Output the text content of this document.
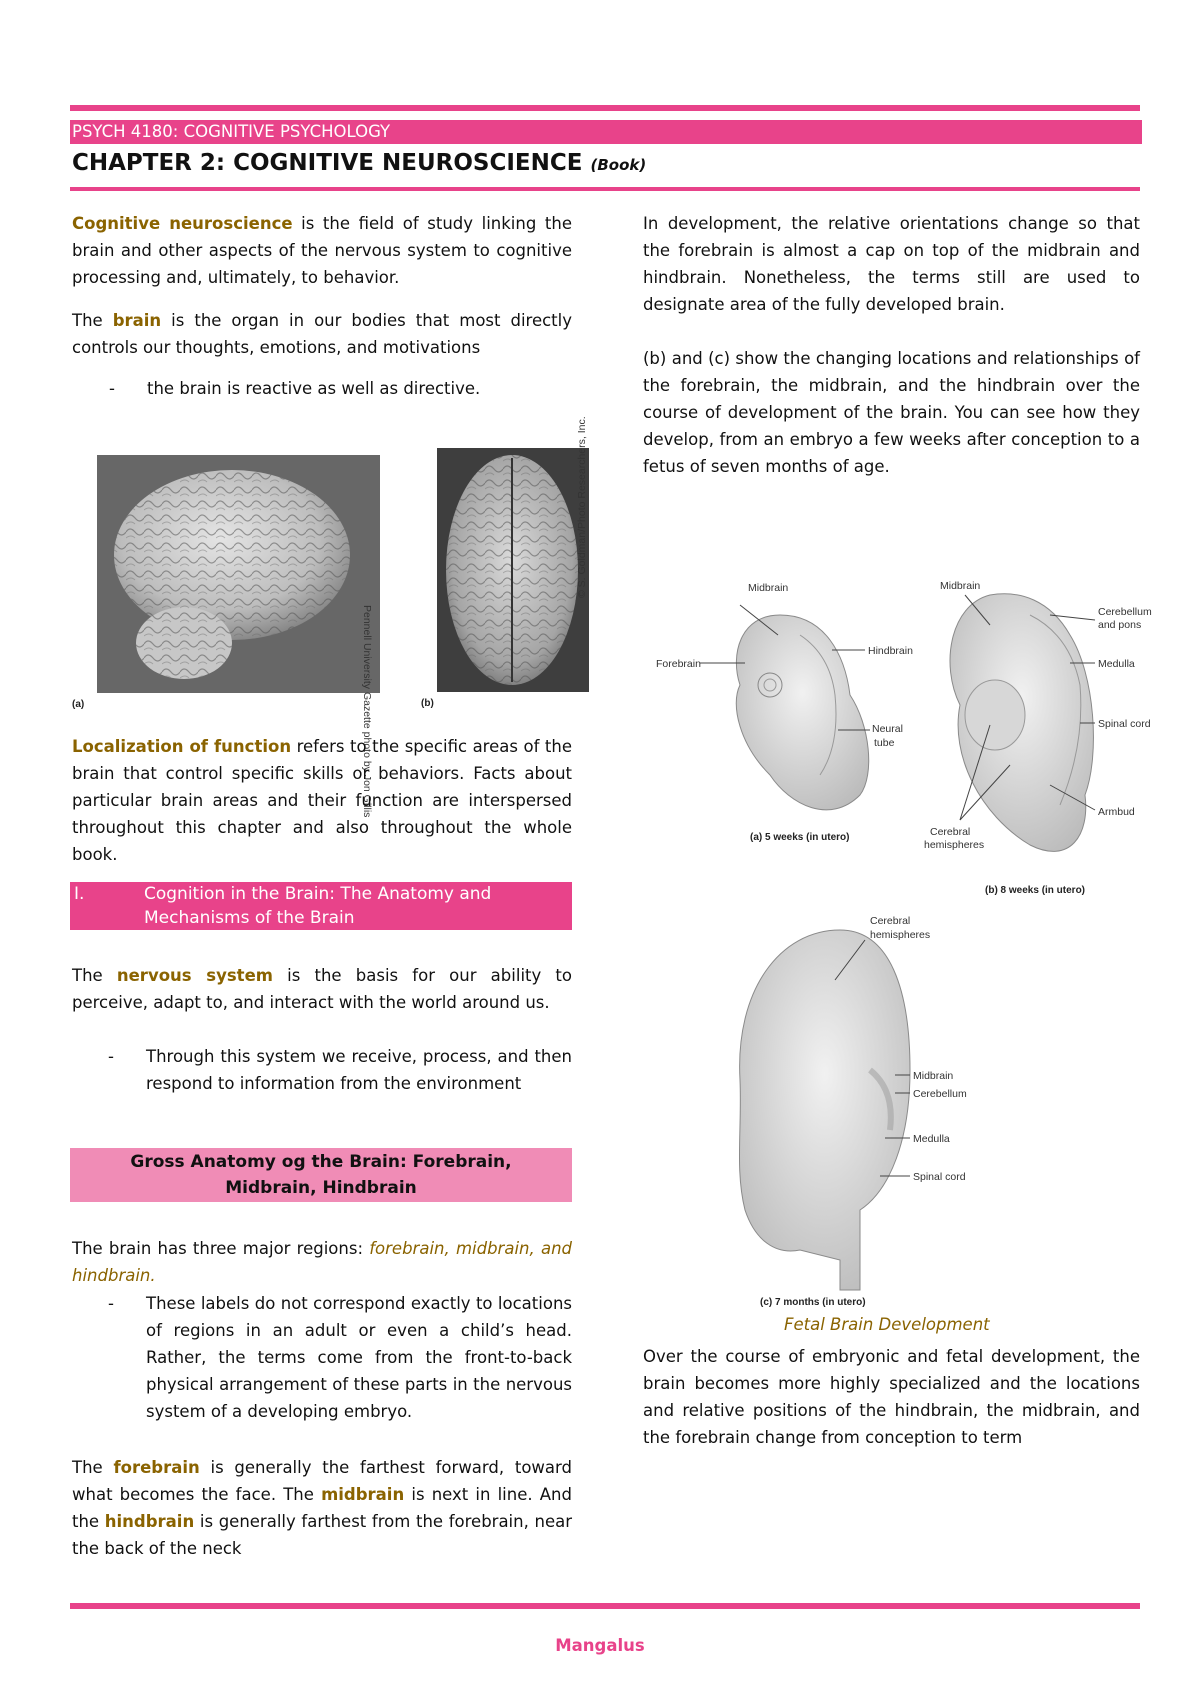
PSYCH 4180: COGNITIVE PSYCHOLOGY
CHAPTER 2: COGNITIVE NEUROSCIENCE (Book)
Cognitive neuroscience is the field of study linking the brain and other aspects of the nervous system to cognitive processing and, ultimately, to behavior.
The brain is the organ in our bodies that most directly controls our thoughts, emotions, and motivations
- the brain is reactive as well as directive.
(a)	Pennell University Gazette photo by Jon Gillis	(b)
© S. Goldman/Photo Researchers, Inc.
Localization of function refers to the specific areas of the brain that control specific skills or behaviors. Facts about particular brain areas and their function are interspersed throughout this chapter and also throughout the whole book.
I.	Cognition in the Brain: The Anatomy and Mechanisms of the Brain
The nervous system is the basis for our ability to perceive, adapt to, and interact with the world around us.
- Through this system we receive, process, and then respond to information from the environment
Gross Anatomy og the Brain: Forebrain, Midbrain, Hindbrain
The brain has three major regions: forebrain, midbrain, and hindbrain.
- These labels do not correspond exactly to locations of regions in an adult or even a child’s head. Rather, the terms come from the front-to-back physical arrangement of these parts in the nervous system of a developing embryo.
The forebrain is generally the farthest forward, toward what becomes the face. The midbrain is next in line. And the hindbrain is generally farthest from the forebrain, near the back of the neck
In development, the relative orientations change so that the forebrain is almost a cap on top of the midbrain and hindbrain. Nonetheless, the terms still are used to designate area of the fully developed brain.
(b) and (c) show the changing locations and relationships of the forebrain, the midbrain, and the hindbrain over the course of development of the brain. You can see how they develop, from an embryo a few weeks after conception to a fetus of seven months of age.
Midbrain
Forebrain
Hindbrain
Neural
tube
(a) 5 weeks (in utero)
Midbrain
Cerebellum
and pons
Medulla
Spinal cord
Armbud
Cerebral
hemispheres
(b) 8 weeks (in utero)
Cerebral
hemispheres
Midbrain
Cerebellum
Medulla
Spinal cord
(c) 7 months (in utero)
Fetal Brain Development
Over the course of embryonic and fetal development, the brain becomes more highly specialized and the locations and relative positions of the hindbrain, the midbrain, and the forebrain change from conception to term
Mangalus
